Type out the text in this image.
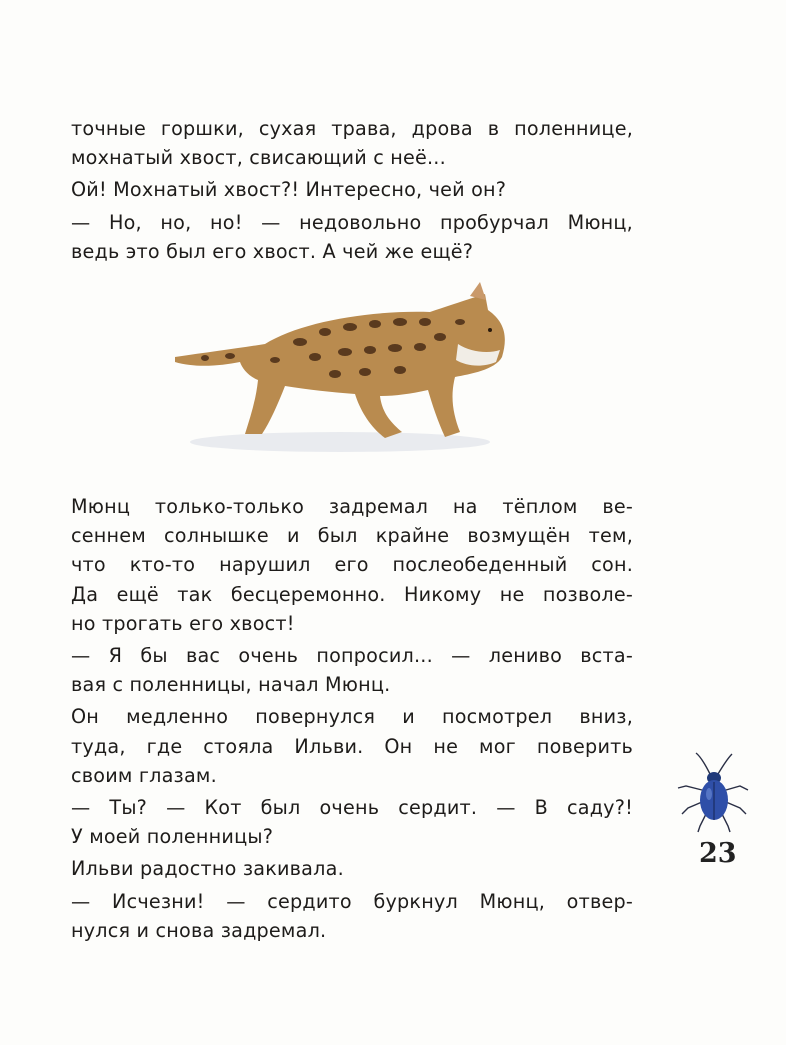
точные горшки, сухая трава, дрова в поленнице,
мохнатый хвост, свисающий с неё...

Ой! Мохнатый хвост?! Интересно, чей он?

— Но, но, но! — недовольно пробурчал Мюнц,
ведь это был его хвост. А чей же ещё?

Мюнц только-только задремал на тёплом ве-
сеннем солнышке и был крайне возмущён тем,
что кто-то нарушил его послеобеденный сон.
Да ещё так бесцеремонно. Никому не позволе-
но трогать его хвост!

— Я бы вас очень попросил... — лениво вста-
вая с поленницы, начал Мюнц.

Он медленно повернулся и посмотрел вниз,
туда, где стояла Ильви. Он не мог поверить
своим глазам.

— Ты? — Кот был очень сердит. — В саду?!
У моей поленницы?

Ильви радостно закивала.

— Исчезни! — сердито буркнул Мюнц, отвер-
нулся и снова задремал.

23
